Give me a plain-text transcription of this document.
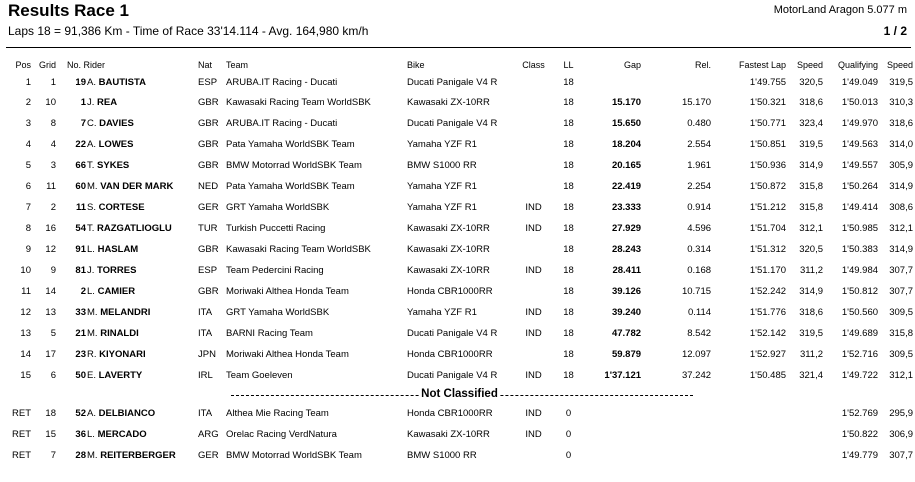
Results Race 1	MotorLand Aragon 5.077 m
Laps 18 = 91,386 Km - Time of Race 33'14.114 - Avg. 164,980 km/h	1 / 2
Pos	Grid	No. Rider		Nat	Team	Bike	Class	LL	Gap	Rel.	Fastest Lap	Speed	Qualifying	Speed
1	1	19	A. BAUTISTA	ESP	ARUBA.IT Racing - Ducati	Ducati Panigale V4 R		18			1'49.755	320,5	1'49.049	319,5
2	10	1	J. REA	GBR	Kawasaki Racing Team WorldSBK	Kawasaki ZX-10RR		18	15.170	15.170	1'50.321	318,6	1'50.013	310,3
3	8	7	C. DAVIES	GBR	ARUBA.IT Racing - Ducati	Ducati Panigale V4 R		18	15.650	0.480	1'50.771	323,4	1'49.970	318,6
4	4	22	A. LOWES	GBR	Pata Yamaha WorldSBK Team	Yamaha YZF R1		18	18.204	2.554	1'50.851	319,5	1'49.563	314,0
5	3	66	T. SYKES	GBR	BMW Motorrad WorldSBK Team	BMW S1000 RR		18	20.165	1.961	1'50.936	314,9	1'49.557	305,9
6	11	60	M. VAN DER MARK	NED	Pata Yamaha WorldSBK Team	Yamaha YZF R1		18	22.419	2.254	1'50.872	315,8	1'50.264	314,9
7	2	11	S. CORTESE	GER	GRT Yamaha WorldSBK	Yamaha YZF R1	IND	18	23.333	0.914	1'51.212	315,8	1'49.414	308,6
8	16	54	T. RAZGATLIOGLU	TUR	Turkish Puccetti Racing	Kawasaki ZX-10RR	IND	18	27.929	4.596	1'51.704	312,1	1'50.985	312,1
9	12	91	L. HASLAM	GBR	Kawasaki Racing Team WorldSBK	Kawasaki ZX-10RR		18	28.243	0.314	1'51.312	320,5	1'50.383	314,9
10	9	81	J. TORRES	ESP	Team Pedercini Racing	Kawasaki ZX-10RR	IND	18	28.411	0.168	1'51.170	311,2	1'49.984	307,7
11	14	2	L. CAMIER	GBR	Moriwaki Althea Honda Team	Honda CBR1000RR		18	39.126	10.715	1'52.242	314,9	1'50.812	307,7
12	13	33	M. MELANDRI	ITA	GRT Yamaha WorldSBK	Yamaha YZF R1	IND	18	39.240	0.114	1'51.776	318,6	1'50.560	309,5
13	5	21	M. RINALDI	ITA	BARNI Racing Team	Ducati Panigale V4 R	IND	18	47.782	8.542	1'52.142	319,5	1'49.689	315,8
14	17	23	R. KIYONARI	JPN	Moriwaki Althea Honda Team	Honda CBR1000RR		18	59.879	12.097	1'52.927	311,2	1'52.716	309,5
15	6	50	E. LAVERTY	IRL	Team Goeleven	Ducati Panigale V4 R	IND	18	1'37.121	37.242	1'50.485	321,4	1'49.722	312,1

Not Classified														

RET	18	52	A. DELBIANCO	ITA	Althea Mie Racing Team	Honda CBR1000RR	IND	0					1'52.769	295,9
RET	15	36	L. MERCADO	ARG	Orelac Racing VerdNatura	Kawasaki ZX-10RR	IND	0					1'50.822	306,9
RET	7	28	M. REITERBERGER	GER	BMW Motorrad WorldSBK Team	BMW S1000 RR		0					1'49.779	307,7
